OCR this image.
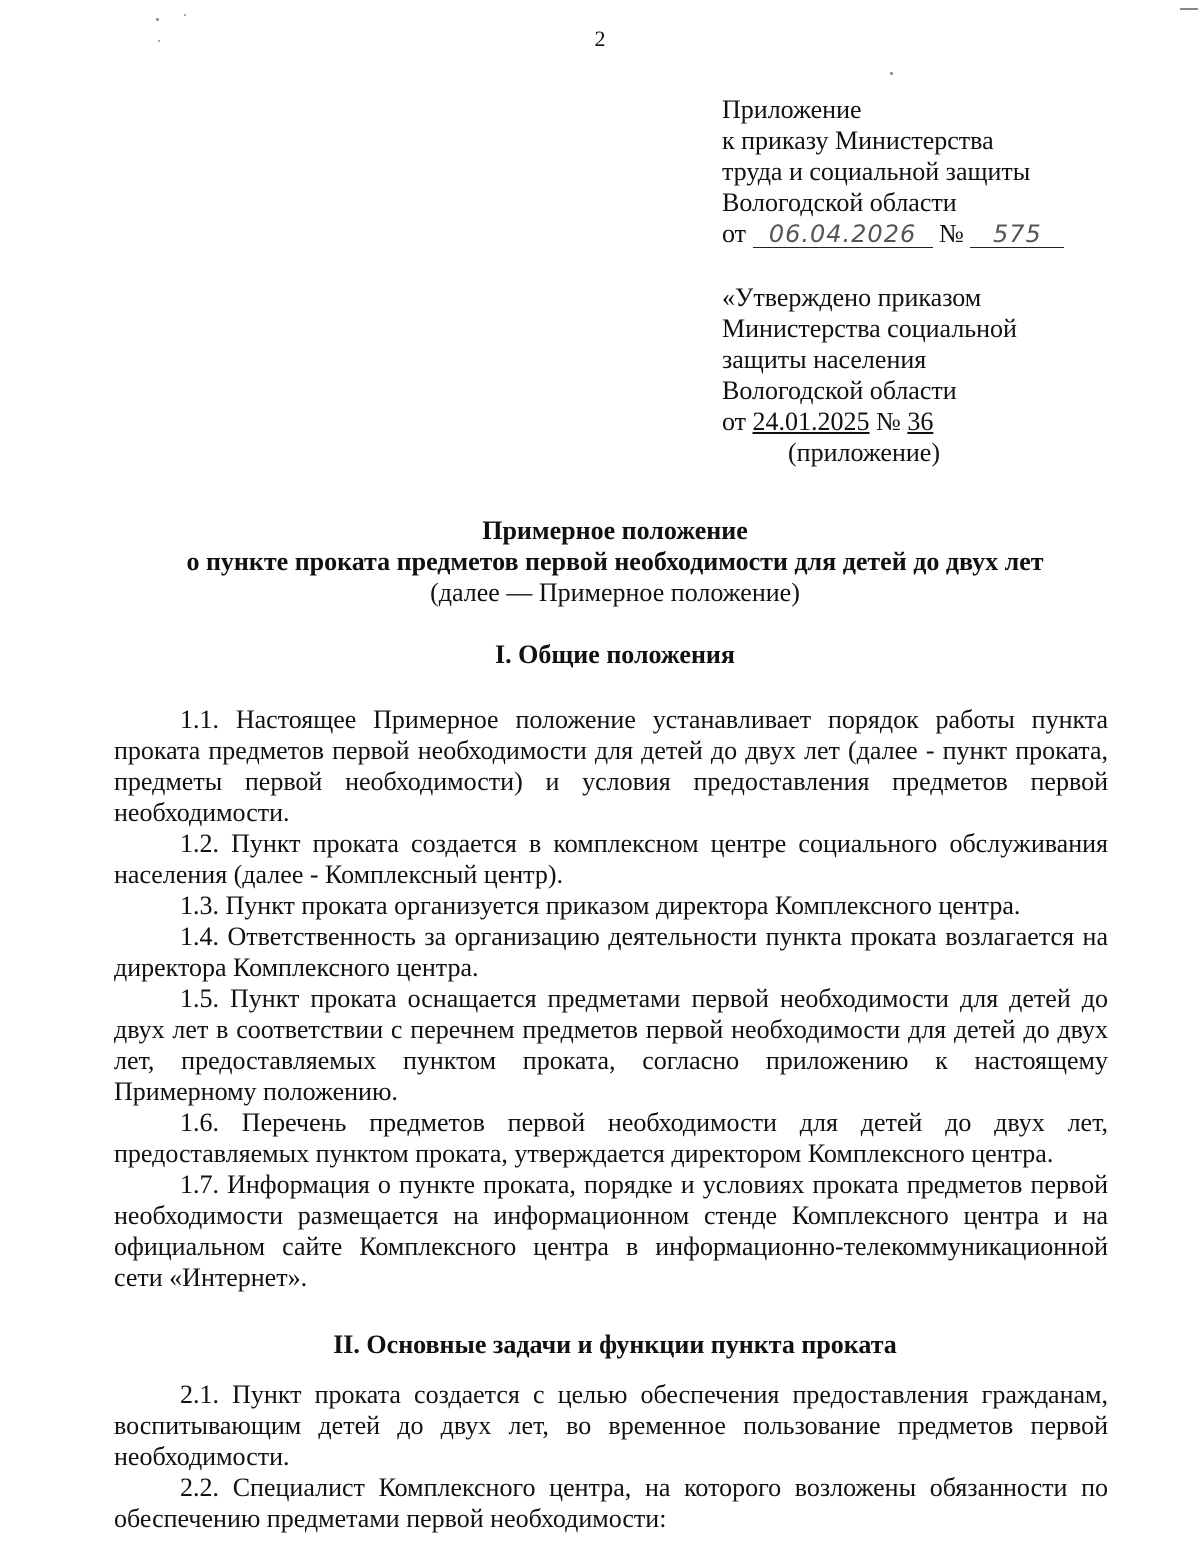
2
Приложение
к приказу Министерства
труда и социальной защиты
Вологодской области
от 06.04.2026 № 575
«Утверждено приказом
Министерства социальной
защиты населения
Вологодской области
от 24.01.2025 № 36
(приложение)
Примерное положение
о пункте проката предметов первой необходимости для детей до двух лет
(далее — Примерное положение)
I. Общие положения

1.1. Настоящее Примерное положение устанавливает порядок работы пункта проката предметов первой необходимости для детей до двух лет (далее - пункт проката, предметы первой необходимости) и условия предоставления предметов первой необходимости.

1.2. Пункт проката создается в комплексном центре социального обслуживания населения (далее - Комплексный центр).

1.3. Пункт проката организуется приказом директора Комплексного центра.

1.4. Ответственность за организацию деятельности пункта проката возлагается на директора Комплексного центра.

1.5. Пункт проката оснащается предметами первой необходимости для детей до двух лет в соответствии с перечнем предметов первой необходимости для детей до двух лет, предоставляемых пунктом проката, согласно приложению к настоящему Примерному положению.

1.6. Перечень предметов первой необходимости для детей до двух лет, предоставляемых пунктом проката, утверждается директором Комплексного центра.

1.7. Информация о пункте проката, порядке и условиях проката предметов первой необходимости размещается на информационном стенде Комплексного центра и на официальном сайте Комплексного центра в информационно-телекоммуникационной сети «Интернет».

II. Основные задачи и функции пункта проката

2.1. Пункт проката создается с целью обеспечения предоставления гражданам, воспитывающим детей до двух лет, во временное пользование предметов первой необходимости.

2.2. Специалист Комплексного центра, на которого возложены обязанности по обеспечению предметами первой необходимости:
